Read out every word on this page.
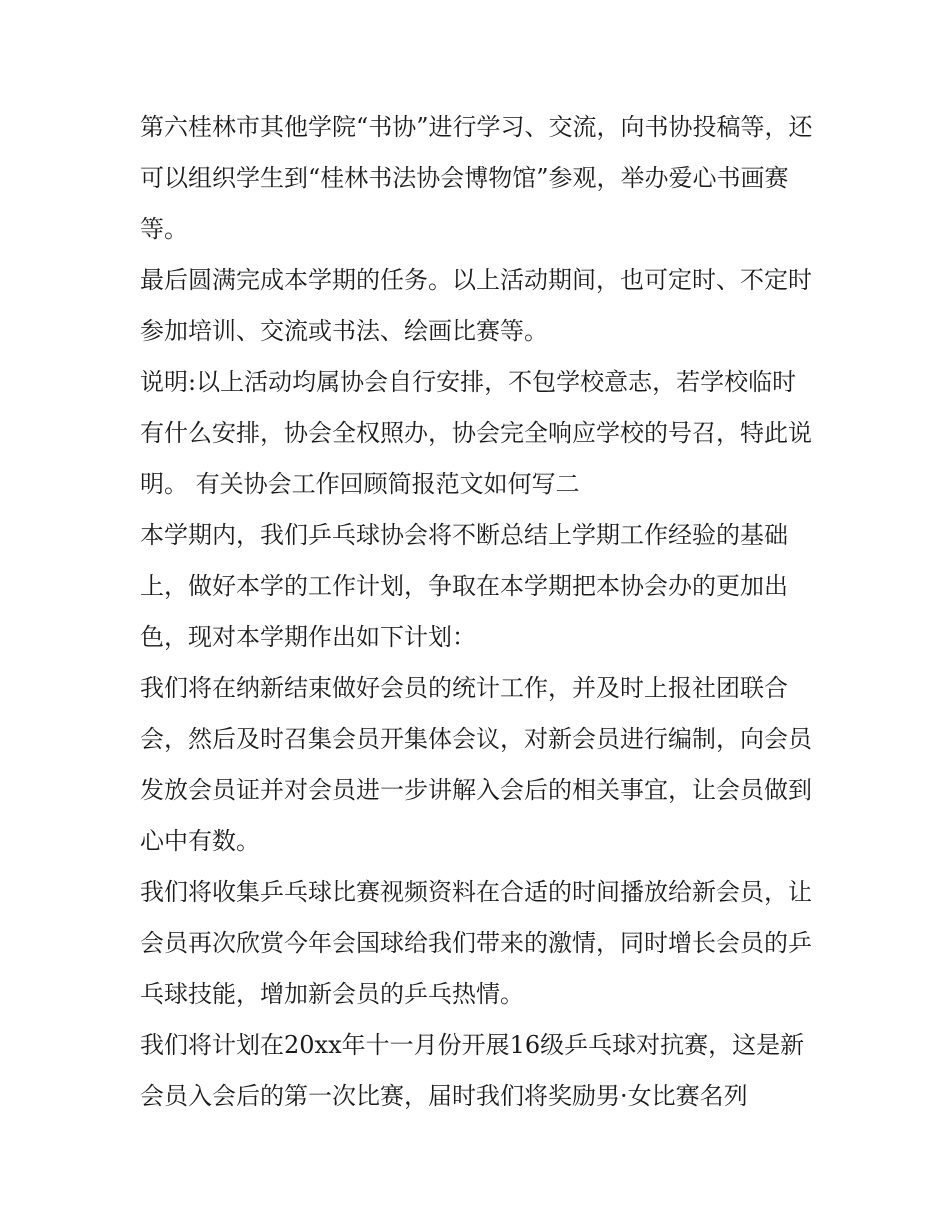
第六桂林市其他学院“书协”进行学习、交流，向书协投稿等，还可以组织学生到“桂林书法协会博物馆”参观，举办爱心书画赛等。

最后圆满完成本学期的任务。以上活动期间，也可定时、不定时参加培训、交流或书法、绘画比赛等。

说明:以上活动均属协会自行安排，不包学校意志，若学校临时有什么安排，协会全权照办，协会完全响应学校的号召，特此说明。 有关协会工作回顾简报范文如何写二

本学期内，我们乒乓球协会将不断总结上学期工作经验的基础上，做好本学的工作计划，争取在本学期把本协会办的更加出色，现对本学期作出如下计划：

我们将在纳新结束做好会员的统计工作，并及时上报社团联合会，然后及时召集会员开集体会议，对新会员进行编制，向会员发放会员证并对会员进一步讲解入会后的相关事宜，让会员做到心中有数。

我们将收集乒乓球比赛视频资料在合适的时间播放给新会员，让会员再次欣赏今年会国球给我们带来的激情，同时增长会员的乒乓球技能，增加新会员的乒乓热情。

我们将计划在20xx年十一月份开展16级乒乓球对抗赛，这是新会员入会后的第一次比赛，届时我们将奖励男·女比赛名列
